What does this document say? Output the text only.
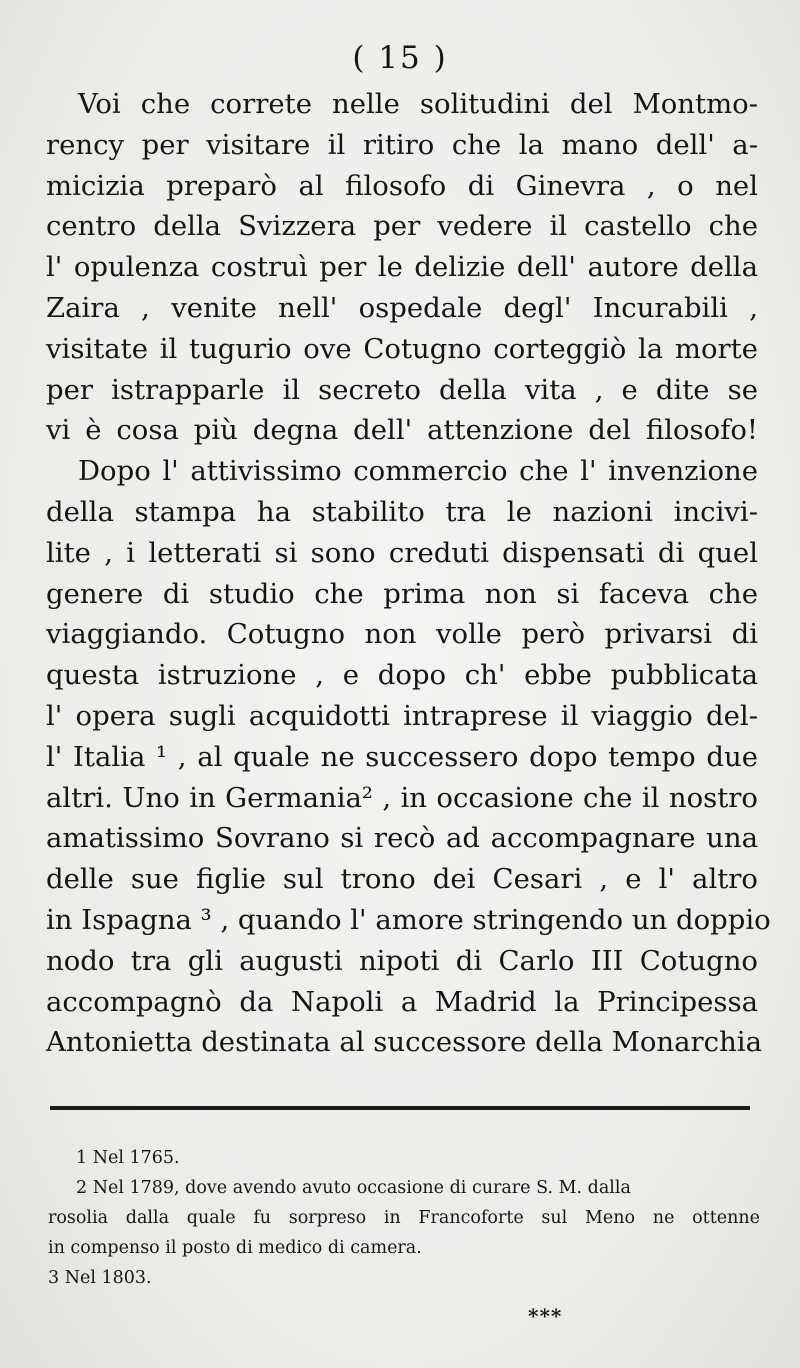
( 15 )

Voi che correte nelle solitudini del Montmo-
rency per visitare il ritiro che la mano dell' a-
micizia preparò al filosofo di Ginevra , o nel
centro della Svizzera per vedere il castello che
l' opulenza costruì per le delizie dell' autore della
Zaira , venite nell' ospedale degl' Incurabili ,
visitate il tugurio ove Cotugno corteggiò la morte
per istrapparle il secreto della vita , e dite se
vi è cosa più degna dell' attenzione del filosofo!

Dopo l' attivissimo commercio che l' invenzione
della stampa ha stabilito tra le nazioni incivi-
lite , i letterati si sono creduti dispensati di quel
genere di studio che prima non si faceva che
viaggiando. Cotugno non volle però privarsi di
questa istruzione , e dopo ch' ebbe pubblicata
l' opera sugli acquidotti intraprese il viaggio del-
l' Italia ¹ , al quale ne successero dopo tempo due
altri. Uno in Germania² , in occasione che il nostro
amatissimo Sovrano si recò ad accompagnare una
delle sue figlie sul trono dei Cesari , e l' altro
in Ispagna ³ , quando l' amore stringendo un doppio
nodo tra gli augusti nipoti di Carlo III Cotugno
accompagnò da Napoli a Madrid la Principessa
Antonietta destinata al successore della Monarchia

1 Nel 1765.
2 Nel 1789, dove avendo avuto occasione di curare S. M. dalla
rosolia dalla quale fu sorpreso in Francoforte sul Meno ne ottenne
in compenso il posto di medico di camera.
3 Nel 1803.
***
